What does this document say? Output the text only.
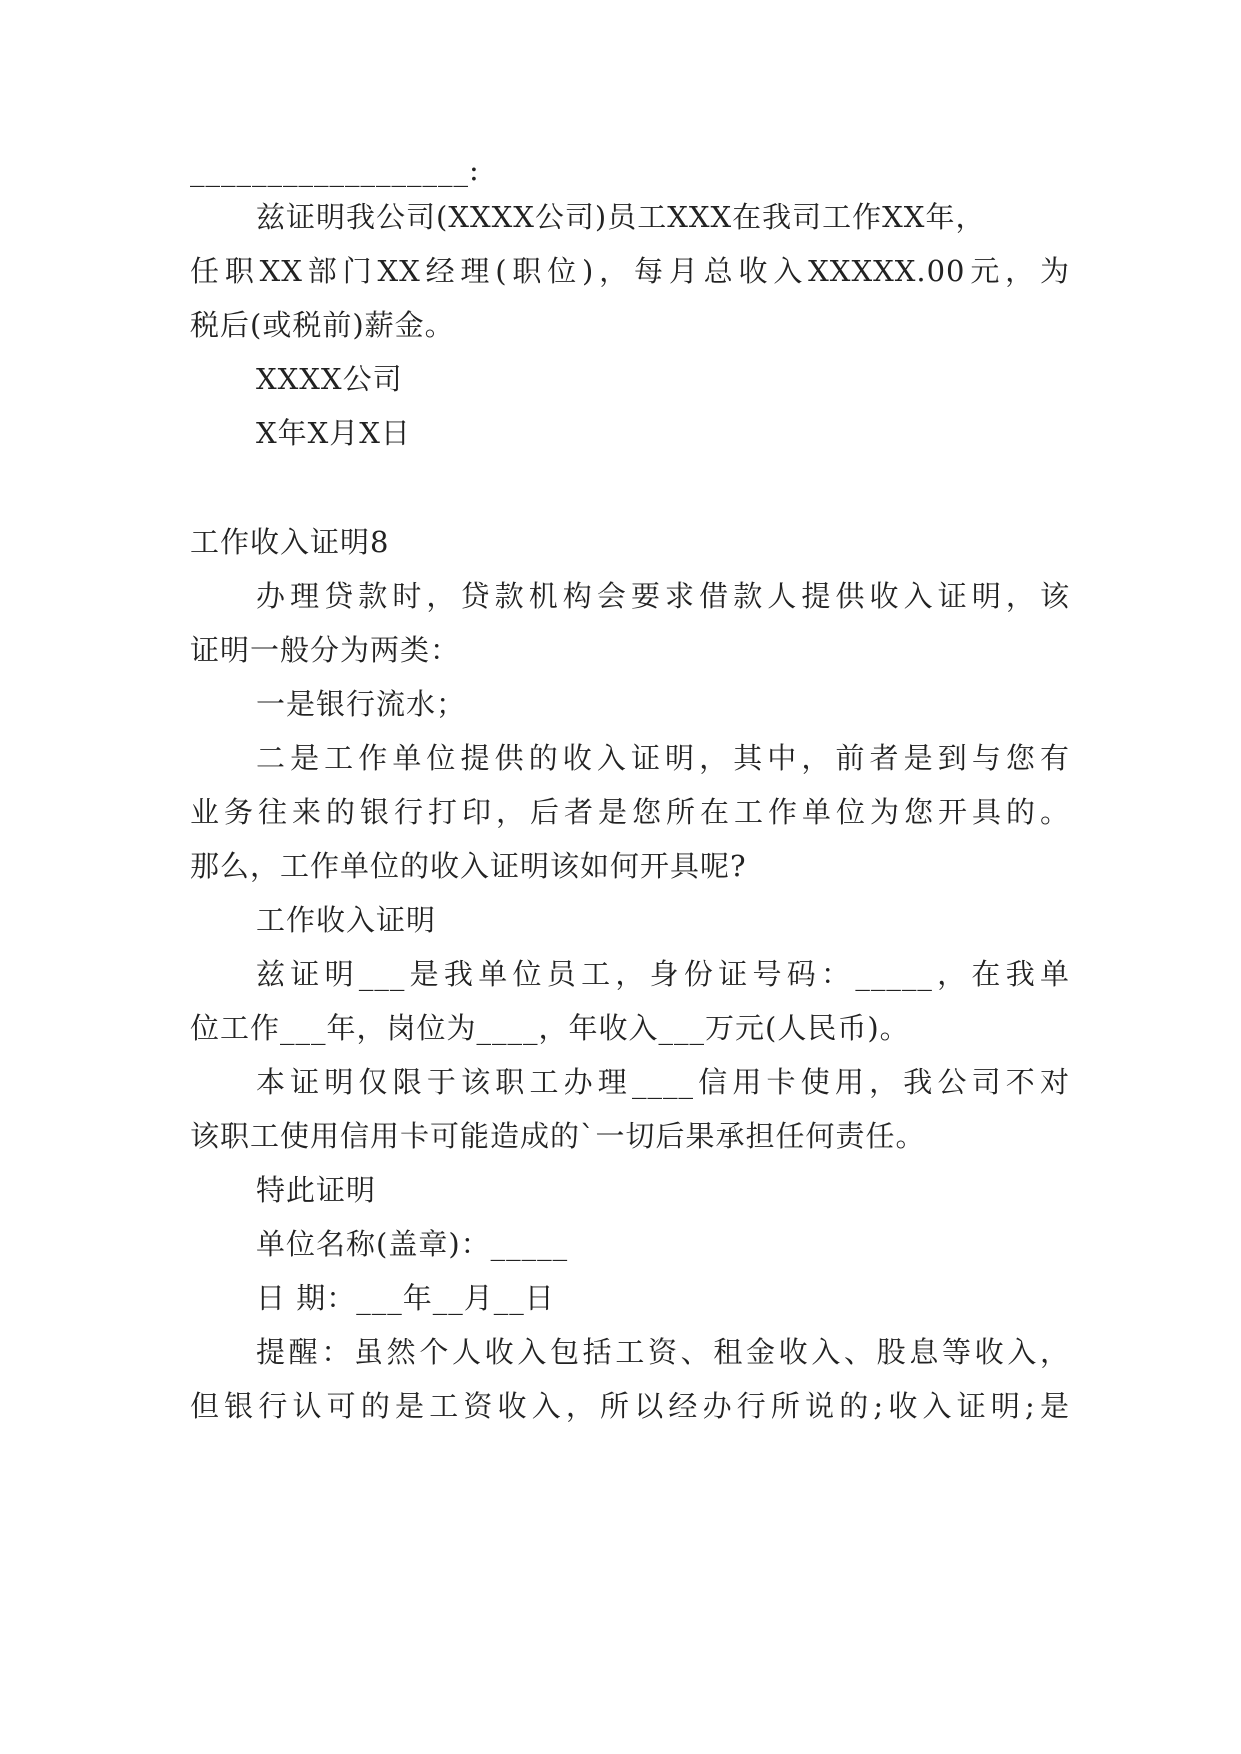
__________________:
兹证明我公司(XXXX公司)员工XXX在我司工作XX年，
任职XX部门XX经理(职位)，每月总收入XXXXX.00元，为
税后(或税前)薪金。
XXXX公司
X年X月X日
工作收入证明8
办理贷款时，贷款机构会要求借款人提供收入证明，该
证明一般分为两类：
一是银行流水；
二是工作单位提供的收入证明，其中，前者是到与您有
业务往来的银行打印，后者是您所在工作单位为您开具的。
那么，工作单位的收入证明该如何开具呢?
工作收入证明
兹证明___是我单位员工，身份证号码：_____，在我单
位工作___年，岗位为____，年收入___万元(人民币)。
本证明仅限于该职工办理____信用卡使用，我公司不对
该职工使用信用卡可能造成的`一切后果承担任何责任。
特此证明
单位名称(盖章)：_____
日 期：___年__月__日
提醒：虽然个人收入包括工资、租金收入、股息等收入，
但银行认可的是工资收入，所以经办行所说的;收入证明;是
